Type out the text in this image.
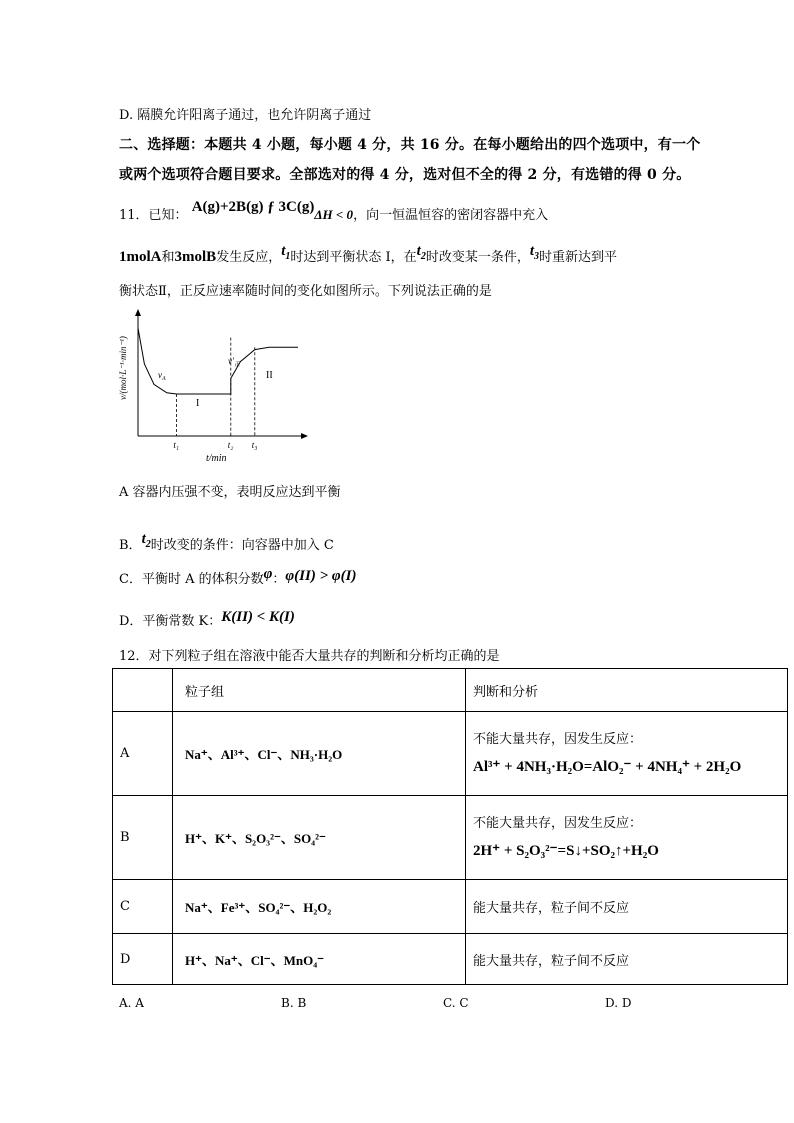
D. 隔膜允许阳离子通过，也允许阴离子通过
二、选择题：本题共 4 小题，每小题 4 分，共 16 分。在每小题给出的四个选项中，有一个
或两个选项符合题目要求。全部选对的得 4 分，选对但不全的得 2 分，有选错的得 0 分。
11．已知： A(g)+2B(g) ƒ 3C(g)ΔH < 0，向一恒温恒容的密闭容器中充入
1molA和3molB发生反应，$t_1$时达到平衡状态 I，在$t_2$时改变某一条件，$t_3$时重新达到平
衡状态Ⅱ，正反应速率随时间的变化如图所示。下列说法正确的是
v/(mol·L⁻¹·min⁻¹)
t/min
t₁	t₂ t₃
$v_A$
$v'_正$
I
II
A 容器内压强不变，表明反应达到平衡
B．$t_2$时改变的条件：向容器中加入 C
C．平衡时 A 的体积分数φ：φ(II) > φ(I)
D．平衡常数 K：K(II) < K(I)
12．对下列粒子组在溶液中能否大量共存的判断和分析均正确的是
	粒子组	判断和分析
A	Na⁺、Al³⁺、Cl⁻、NH₃·H₂O	不能大量共存，因发生反应：
Al³⁺ + 4NH₃·H₂O=AlO₂⁻ + 4NH₄⁺ + 2H₂O
B	H⁺、K⁺、S₂O₃²⁻、SO₄²⁻	不能大量共存，因发生反应：
2H⁺ + S₂O₃²⁻=S↓+SO₂↑+H₂O
C	Na⁺、Fe³⁺、SO₄²⁻、H₂O₂	能大量共存，粒子间不反应
D	H⁺、Na⁺、Cl⁻、MnO₄⁻	能大量共存，粒子间不反应
A. A	B. B	C. C	D. D
